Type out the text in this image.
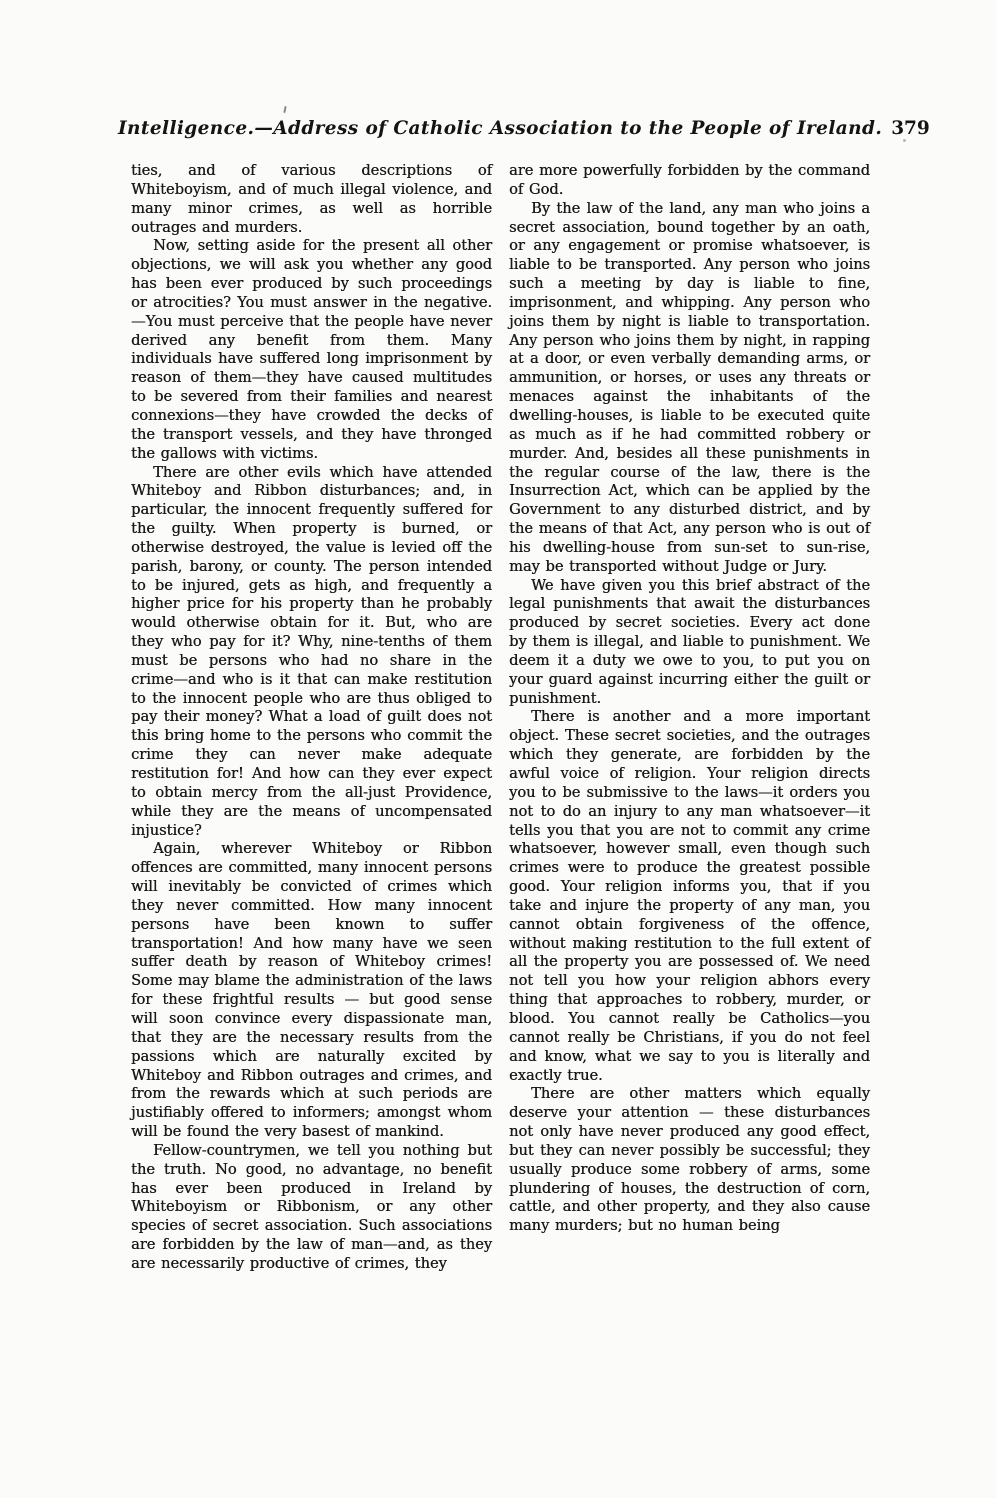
Intelligence.—Address of Catholic Association to the People of Ireland. 379

ties, and of various descriptions of Whiteboyism, and of much illegal violence, and many minor crimes, as well as horrible outrages and murders.

Now, setting aside for the present all other objections, we will ask you whether any good has been ever produced by such proceedings or atrocities? You must answer in the negative.—You must perceive that the people have never derived any benefit from them. Many individuals have suffered long imprisonment by reason of them—they have caused multitudes to be severed from their families and nearest connexions—they have crowded the decks of the transport vessels, and they have thronged the gallows with victims.

There are other evils which have attended Whiteboy and Ribbon disturbances; and, in particular, the innocent frequently suffered for the guilty. When property is burned, or otherwise destroyed, the value is levied off the parish, barony, or county. The person intended to be injured, gets as high, and frequently a higher price for his property than he probably would otherwise obtain for it. But, who are they who pay for it? Why, nine-tenths of them must be persons who had no share in the crime—and who is it that can make restitution to the innocent people who are thus obliged to pay their money? What a load of guilt does not this bring home to the persons who commit the crime they can never make adequate restitution for! And how can they ever expect to obtain mercy from the all-just Providence, while they are the means of uncompensated injustice?

Again, wherever Whiteboy or Ribbon offences are committed, many innocent persons will inevitably be convicted of crimes which they never committed. How many innocent persons have been known to suffer transportation! And how many have we seen suffer death by reason of Whiteboy crimes! Some may blame the administration of the laws for these frightful results — but good sense will soon convince every dispassionate man, that they are the necessary results from the passions which are naturally excited by Whiteboy and Ribbon outrages and crimes, and from the rewards which at such periods are justifiably offered to informers; amongst whom will be found the very basest of mankind.

Fellow-countrymen, we tell you nothing but the truth. No good, no advantage, no benefit has ever been produced in Ireland by Whiteboyism or Ribbonism, or any other species of secret association. Such associations are forbidden by the law of man—and, as they are necessarily productive of crimes, they

are more powerfully forbidden by the command of God.

By the law of the land, any man who joins a secret association, bound together by an oath, or any engagement or promise whatsoever, is liable to be transported. Any person who joins such a meeting by day is liable to fine, imprisonment, and whipping. Any person who joins them by night is liable to transportation. Any person who joins them by night, in rapping at a door, or even verbally demanding arms, or ammunition, or horses, or uses any threats or menaces against the inhabitants of the dwelling-houses, is liable to be executed quite as much as if he had committed robbery or murder. And, besides all these punishments in the regular course of the law, there is the Insurrection Act, which can be applied by the Government to any disturbed district, and by the means of that Act, any person who is out of his dwelling-house from sun-set to sun-rise, may be transported without Judge or Jury.

We have given you this brief abstract of the legal punishments that await the disturbances produced by secret societies. Every act done by them is illegal, and liable to punishment. We deem it a duty we owe to you, to put you on your guard against incurring either the guilt or punishment.

There is another and a more important object. These secret societies, and the outrages which they generate, are forbidden by the awful voice of religion. Your religion directs you to be submissive to the laws—it orders you not to do an injury to any man whatsoever—it tells you that you are not to commit any crime whatsoever, however small, even though such crimes were to produce the greatest possible good. Your religion informs you, that if you take and injure the property of any man, you cannot obtain forgiveness of the offence, without making restitution to the full extent of all the property you are possessed of. We need not tell you how your religion abhors every thing that approaches to robbery, murder, or blood. You cannot really be Catholics—you cannot really be Christians, if you do not feel and know, what we say to you is literally and exactly true.

There are other matters which equally deserve your attention — these disturbances not only have never produced any good effect, but they can never possibly be successful; they usually produce some robbery of arms, some plundering of houses, the destruction of corn, cattle, and other property, and they also cause many murders; but no human being
